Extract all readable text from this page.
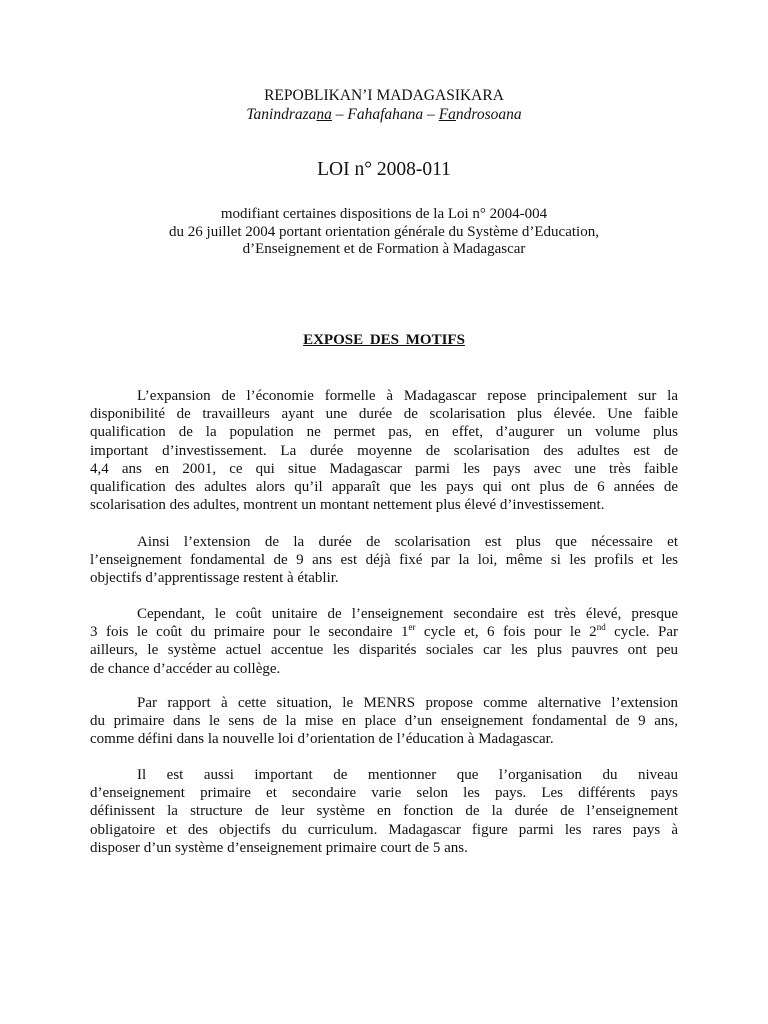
REPOBLIKAN’I MADAGASIKARA
Tanindrazana – Fahafahana – Fandrosoana
LOI n° 2008-011
modifiant certaines dispositions de la Loi n° 2004-004
du 26 juillet 2004 portant orientation générale du Système d’Education,
d’Enseignement et de Formation à Madagascar
EXPOSE DES MOTIFS
L’expansion de l’économie formelle à Madagascar repose principalement sur la
disponibilité de travailleurs ayant une durée de scolarisation plus élevée. Une faible
qualification de la population ne permet pas, en effet, d’augurer un volume plus
important d’investissement. La durée moyenne de scolarisation des adultes est de
4,4 ans en 2001, ce qui situe Madagascar parmi les pays avec une très faible
qualification des adultes alors qu’il apparaît que les pays qui ont plus de 6 années de
scolarisation des adultes, montrent un montant nettement plus élevé d’investissement.
Ainsi l’extension de la durée de scolarisation est plus que nécessaire et
l’enseignement fondamental de 9 ans est déjà fixé par la loi, même si les profils et les
objectifs d’apprentissage restent à établir.
Cependant, le coût unitaire de l’enseignement secondaire est très élevé, presque
3 fois le coût du primaire pour le secondaire 1er cycle et, 6 fois pour le 2nd cycle. Par
ailleurs, le système actuel accentue les disparités sociales car les plus pauvres ont peu
de chance d’accéder au collège.
Par rapport à cette situation, le MENRS propose comme alternative l’extension
du primaire dans le sens de la mise en place d’un enseignement fondamental de 9 ans,
comme défini dans la nouvelle loi d’orientation de l’éducation à Madagascar.
Il est aussi important de mentionner que l’organisation du niveau
d’enseignement primaire et secondaire varie selon les pays. Les différents pays
définissent la structure de leur système en fonction de la durée de l’enseignement
obligatoire et des objectifs du curriculum. Madagascar figure parmi les rares pays à
disposer d’un système d’enseignement primaire court de 5 ans.
